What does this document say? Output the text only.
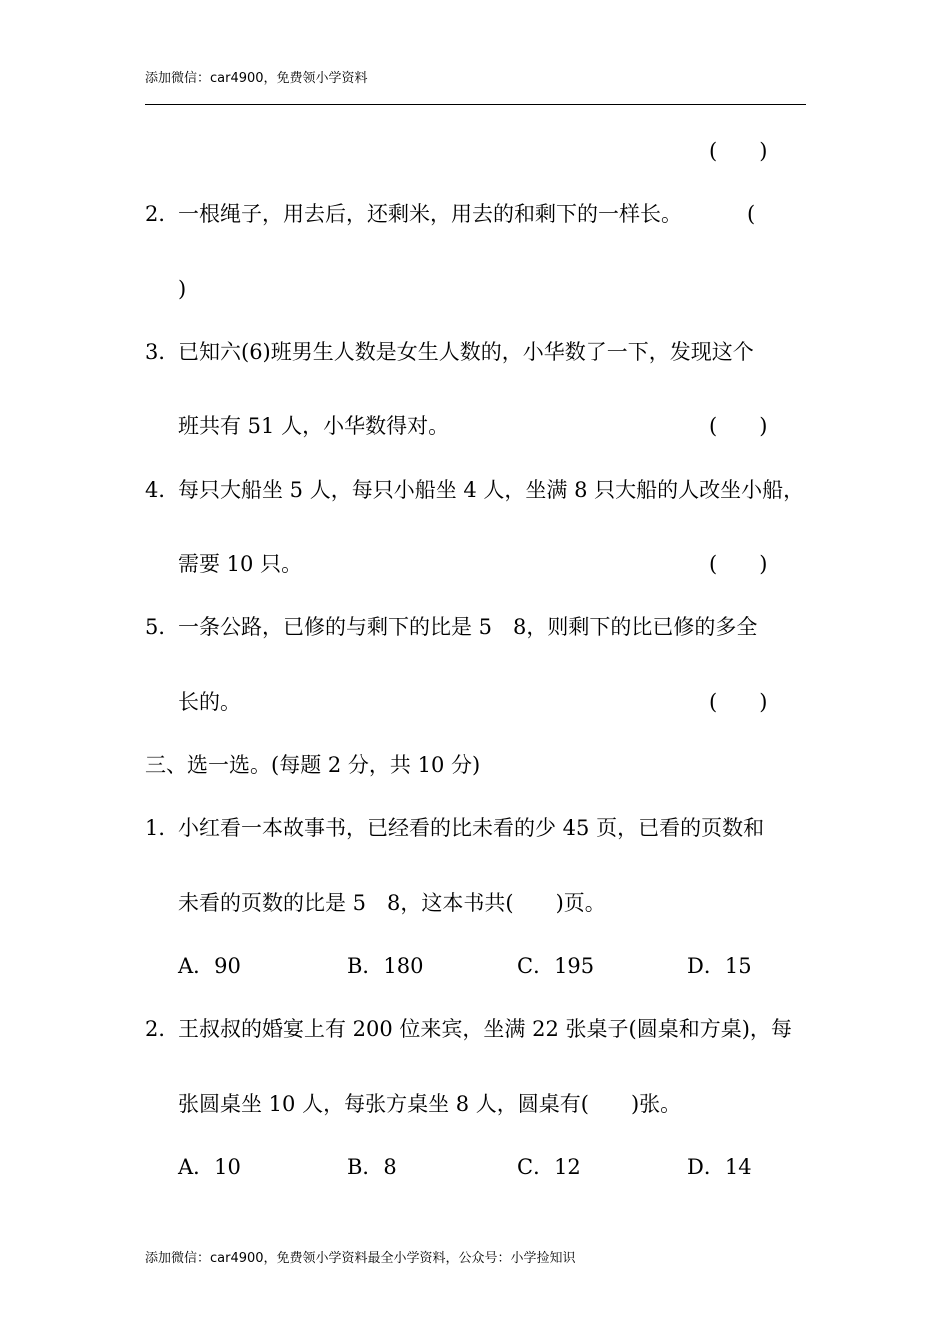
添加微信：car4900，免费领小学资料
(　　)
2．
一根绳子，用去后，还剩米，用去的和剩下的一样长。	(
)
3．
已知六(6)班男生人数是女生人数的，小华数了一下，发现这个
班共有 51 人，小华数得对。	(　　)
4．
每只大船坐 5 人，每只小船坐 4 人，坐满 8 只大船的人改坐小船，
需要 10 只。	(　　)
5．
一条公路，已修的与剩下的比是 5　8，则剩下的比已修的多全
长的。	(　　)
三、选一选。(每题 2 分，共 10 分)
1．
小红看一本故事书，已经看的比未看的少 45 页，已看的页数和
未看的页数的比是 5　8，这本书共(　　)页。
A．90	B．180	C．195	D．15
2．
王叔叔的婚宴上有 200 位来宾，坐满 22 张桌子(圆桌和方桌)，每
张圆桌坐 10 人，每张方桌坐 8 人，圆桌有(　　)张。
A．10	B．8	C．12	D．14
添加微信：car4900，免费领小学资料最全小学资料，公众号：小学捡知识
